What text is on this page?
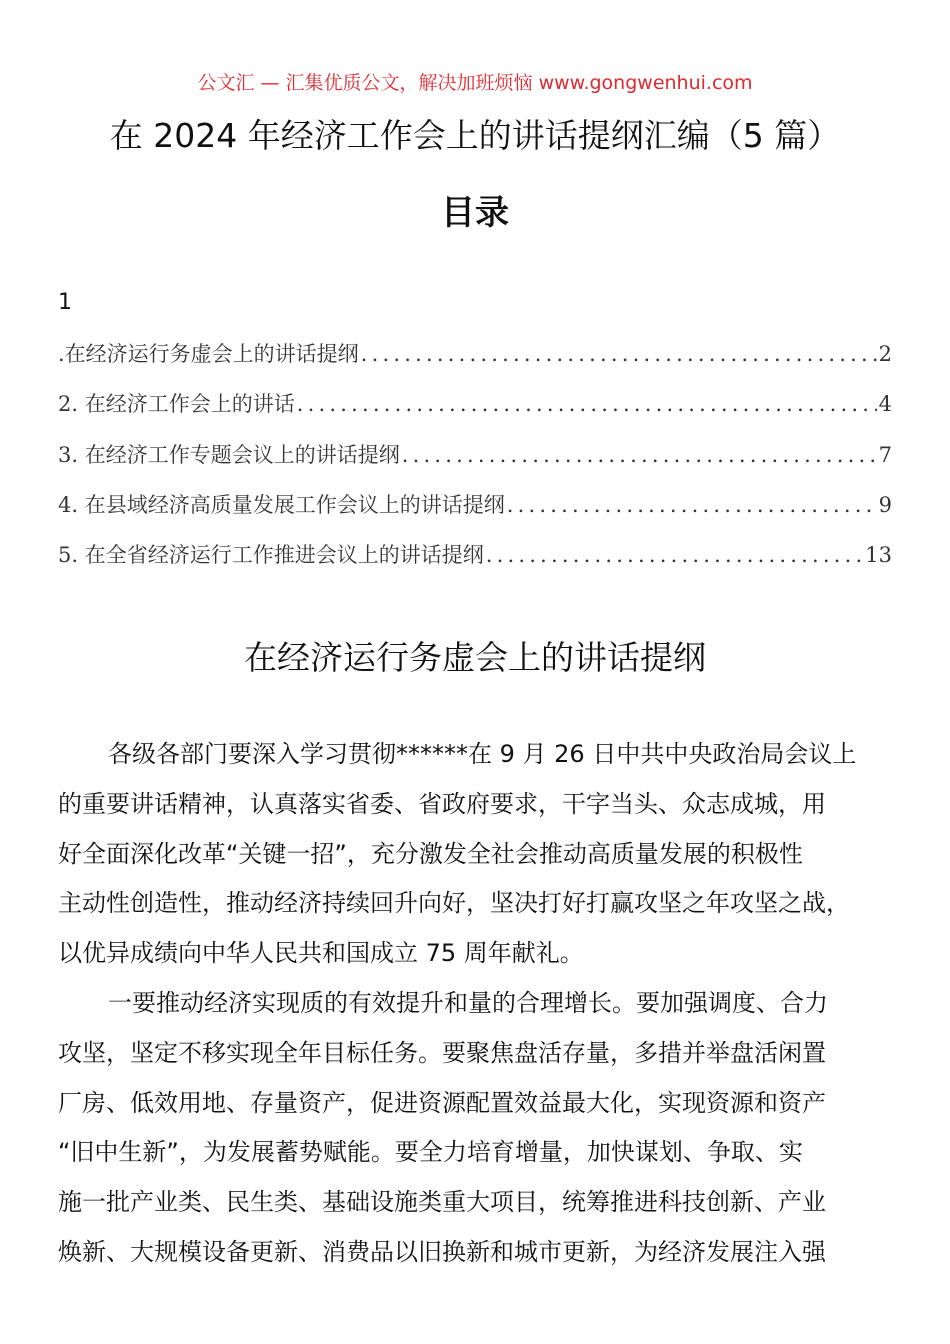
公文汇 — 汇集优质公文，解决加班烦恼 www.gongwenhui.com
在 2024 年经济工作会上的讲话提纲汇编（5 篇）
目录
1
.在经济运行务虚会上的讲话提纲 .....	2
2. 在经济工作会上的讲话 .....	4
3. 在经济工作专题会议上的讲话提纲 .....	7
4. 在县域经济高质量发展工作会议上的讲话提纲 .....	9
5. 在全省经济运行工作推进会议上的讲话提纲 .....	13
在经济运行务虚会上的讲话提纲
各级各部门要深入学习贯彻******在 9 月 26 日中共中央政治局会议上
的重要讲话精神，认真落实省委、省政府要求，干字当头、众志成城，用
好全面深化改革“关键一招”，充分激发全社会推动高质量发展的积极性
主动性创造性，推动经济持续回升向好，坚决打好打赢攻坚之年攻坚之战，
以优异成绩向中华人民共和国成立 75 周年献礼。
一要推动经济实现质的有效提升和量的合理增长。要加强调度、合力
攻坚，坚定不移实现全年目标任务。要聚焦盘活存量，多措并举盘活闲置
厂房、低效用地、存量资产，促进资源配置效益最大化，实现资源和资产
“旧中生新”，为发展蓄势赋能。要全力培育增量，加快谋划、争取、实
施一批产业类、民生类、基础设施类重大项目，统筹推进科技创新、产业
焕新、大规模设备更新、消费品以旧换新和城市更新，为经济发展注入强
